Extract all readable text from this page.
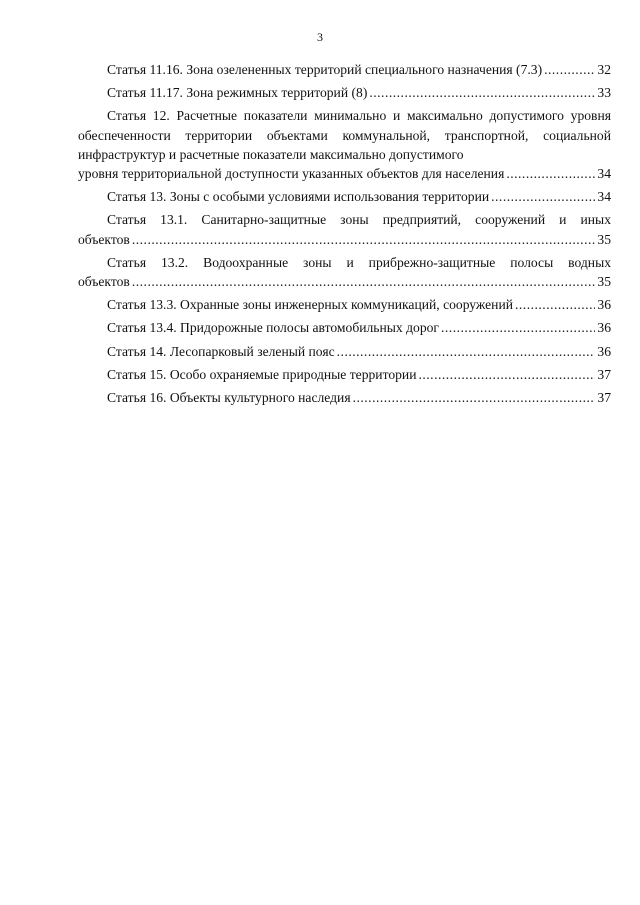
3
Статья 11.16. Зона озелененных территорий специального назначения (7.3) .....	32
Статья 11.17. Зона режимных территорий (8) .....	33
Статья 12. Расчетные показатели минимально и максимально допустимого уровня обеспеченности территории объектами коммунальной, транспортной, социальной инфраструктур и расчетные показатели максимально допустимого
уровня территориальной доступности указанных объектов для населения .....	34
Статья 13. Зоны с особыми условиями использования территории .....	34
Статья 13.1. Санитарно-защитные зоны предприятий, сооружений и иных
объектов .....	35
Статья 13.2. Водоохранные зоны и прибрежно-защитные полосы водных
объектов .....	35
Статья 13.3. Охранные зоны инженерных коммуникаций, сооружений .....	36
Статья 13.4. Придорожные полосы автомобильных дорог .....	36
Статья 14. Лесопарковый зеленый пояс .....	36
Статья 15. Особо охраняемые природные территории .....	37
Статья 16. Объекты культурного наследия .....	37
